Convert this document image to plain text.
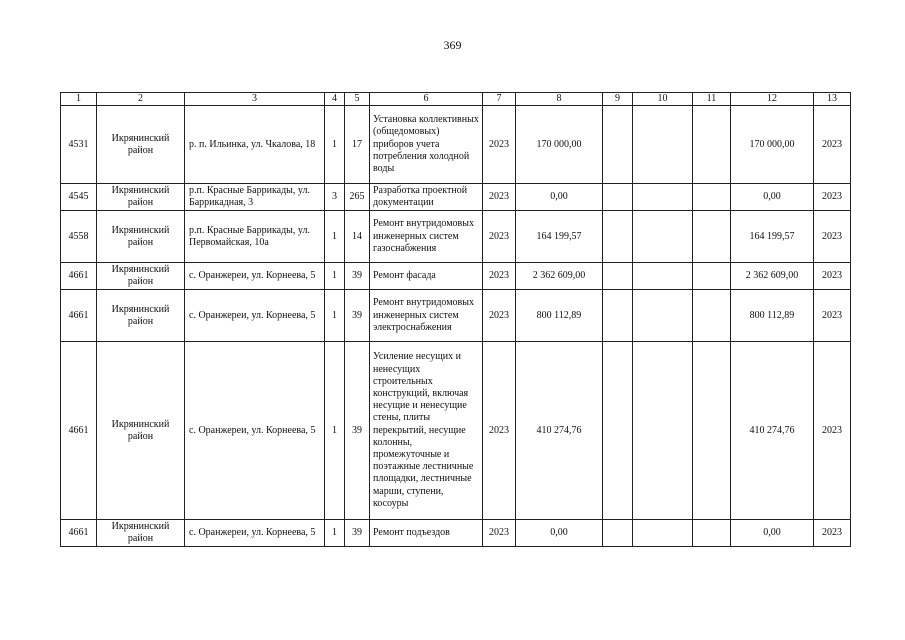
369
1	2	3	4	5	6	7	8	9	10	11	12	13
4531	Икрянинский район	р. п. Ильинка, ул. Чкалова, 18	1	17	Установка коллективных (общедомовых) приборов учета потребления холодной воды	2023	170 000,00				170 000,00	2023
4545	Икрянинский район	р.п. Красные Баррикады, ул. Баррикадная, 3	3	265	Разработка проектной документации	2023	0,00				0,00	2023
4558	Икрянинский район	р.п. Красные Баррикады, ул. Первомайская, 10а	1	14	Ремонт внутридомовых инженерных систем газоснабжения	2023	164 199,57				164 199,57	2023
4661	Икрянинский район	с. Оранжереи, ул. Корнеева, 5	1	39	Ремонт фасада	2023	2 362 609,00				2 362 609,00	2023
4661	Икрянинский район	с. Оранжереи, ул. Корнеева, 5	1	39	Ремонт внутридомовых инженерных систем электроснабжения	2023	800 112,89				800 112,89	2023
4661	Икрянинский район	с. Оранжереи, ул. Корнеева, 5	1	39	Усиление несущих и ненесущих строительных конструкций, включая несущие и ненесущие стены, плиты перекрытий, несущие колонны, промежуточные и поэтажные лестничные площадки, лестничные марши, ступени, косоуры	2023	410 274,76				410 274,76	2023
4661	Икрянинский район	с. Оранжереи, ул. Корнеева, 5	1	39	Ремонт подъездов	2023	0,00				0,00	2023
